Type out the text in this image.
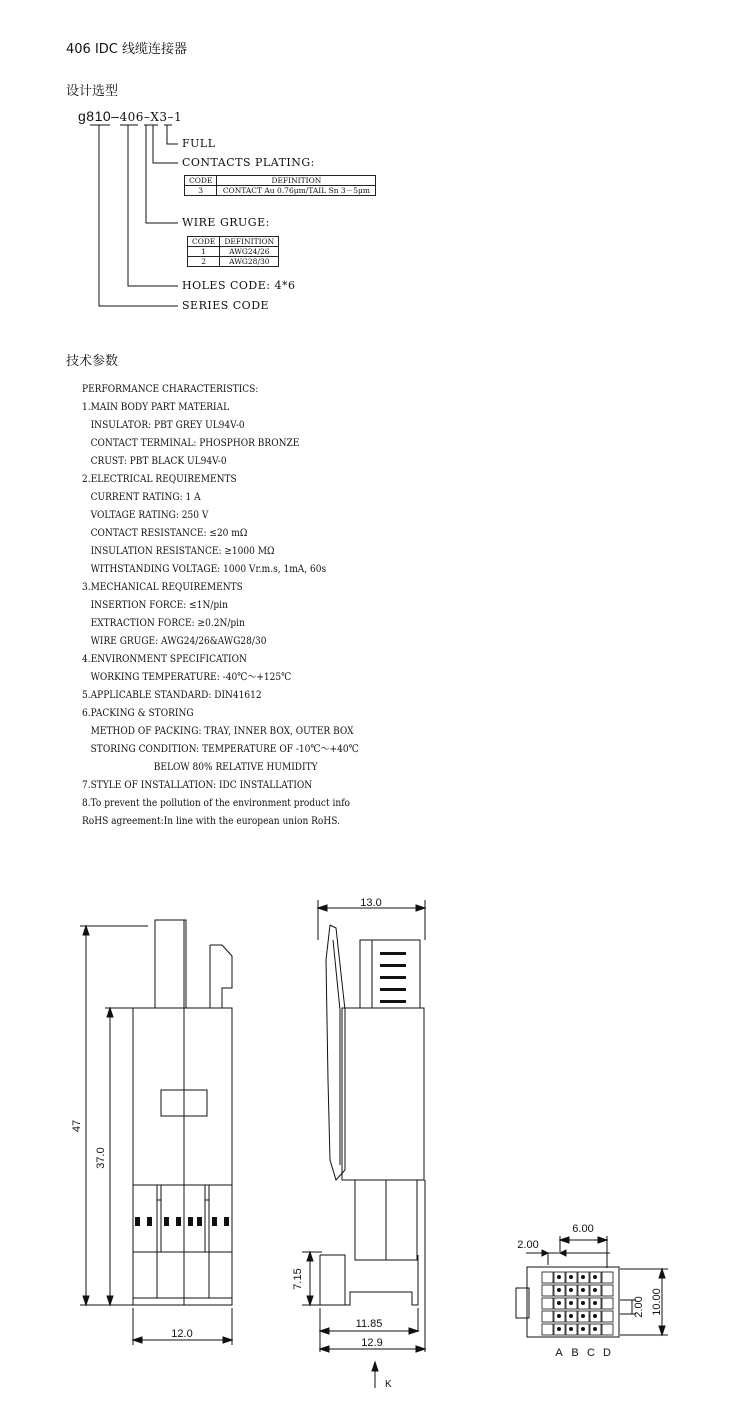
406 IDC 线缆连接器
设计选型
g810–406–X3–1
FULL
CONTACTS PLATING:
CODE	DEFINITION
3	CONTACT Au 0.76μm/TAIL Sn 3－5μm
WIRE GRUGE:
CODE	DEFINITION
1	AWG24/26
2	AWG28/30
HOLES CODE: 4*6
SERIES CODE
技术参数
PERFORMANCE CHARACTERISTICS:
1.MAIN BODY PART MATERIAL
INSULATOR: PBT GREY UL94V-0
CONTACT TERMINAL: PHOSPHOR BRONZE
CRUST: PBT BLACK UL94V-0
2.ELECTRICAL REQUIREMENTS
CURRENT RATING: 1 A
VOLTAGE RATING: 250 V
CONTACT RESISTANCE: ≤20 mΩ
INSULATION RESISTANCE: ≥1000 MΩ
WITHSTANDING VOLTAGE: 1000 Vr.m.s, 1mA, 60s
3.MECHANICAL REQUIREMENTS
INSERTION FORCE: ≤1N/pin
EXTRACTION FORCE: ≥0.2N/pin
WIRE GRUGE: AWG24/26&AWG28/30
4.ENVIRONMENT SPECIFICATION
WORKING TEMPERATURE: -40℃～+125℃
5.APPLICABLE STANDARD: DIN41612
6.PACKING & STORING
METHOD OF PACKING: TRAY, INNER BOX, OUTER BOX
STORING CONDITION: TEMPERATURE OF -10℃～+40℃
BELOW 80% RELATIVE HUMIDITY
7.STYLE OF INSTALLATION: IDC INSTALLATION
8.To prevent the pollution of the environment product info
RoHS agreement:In line with the european union RoHS.
47
37.0
12.0
13.0
7.15
11.85
12.9
K
6.00
2.00
2.00 10.00
A B C D
